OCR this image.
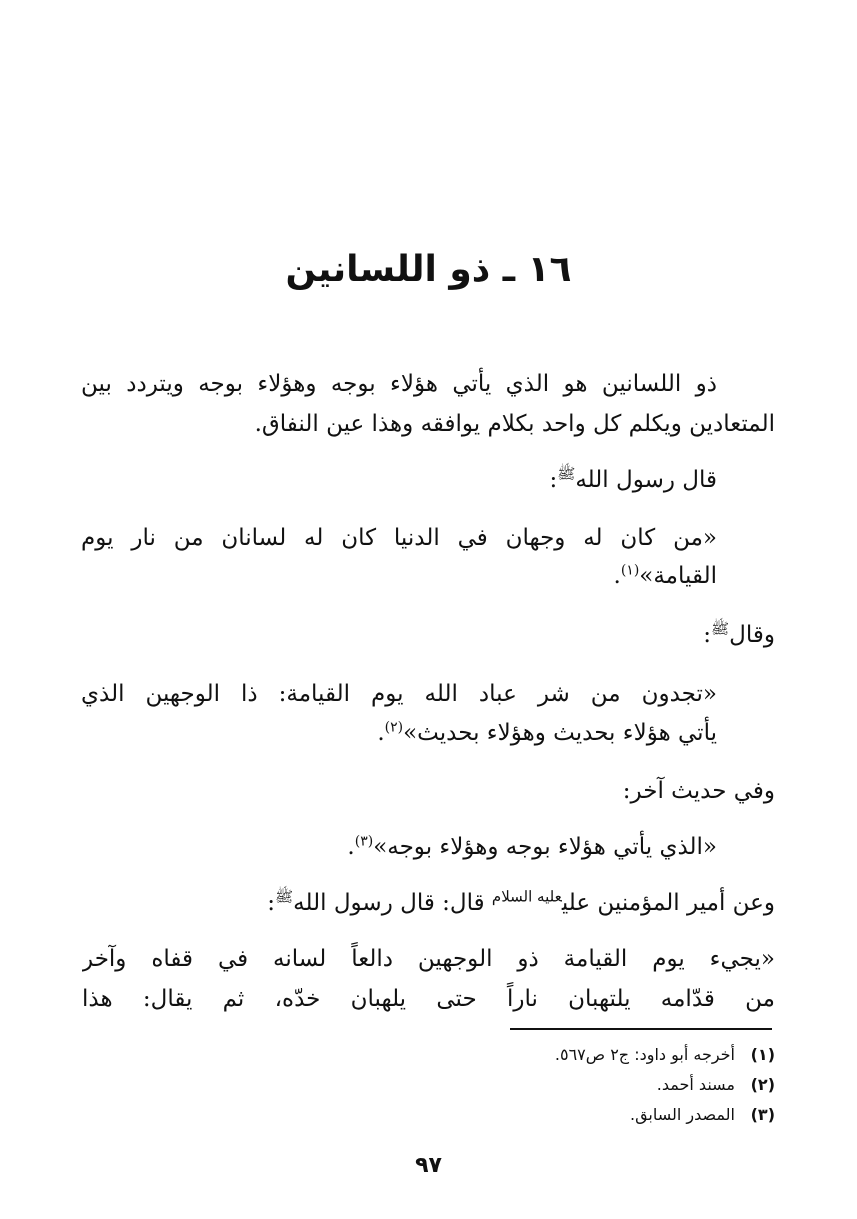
١٦ ـ ذو اللسانين
ذو اللسانين هو الذي يأتي هؤلاء بوجه وهؤلاء بوجه ويتردد بين
المتعادين ويكلم كل واحد بكلام يوافقه وهذا عين النفاق.
قال رسول الله$^ﷺ$:
«من كان له وجهان في الدنيا كان له لسانان من نار يوم
القيامة»$^{(١)}$.
وقال$^ﷺ$:
«تجدون من شر عباد الله يوم القيامة: ذا الوجهين الذي
يأتي هؤلاء بحديث وهؤلاء بحديث»$^{(٢)}$.
وفي حديث آخر:
«الذي يأتي هؤلاء بوجه وهؤلاء بوجه»$^{(٣)}$.
وعن أمير المؤمنين علي$^{عليه السلام}$ قال: قال رسول الله$^ﷺ$:
«يجيء يوم القيامة ذو الوجهين دالعاً لسانه في قفاه وآخر
من قدّامه يلتهبان ناراً حتى يلهبان خدّه، ثم يقال: هذا
(١)أخرجه أبو داود: ج٢ ص٥٦٧.
(٢)مسند أحمد.
(٣)المصدر السابق.
٩٧
